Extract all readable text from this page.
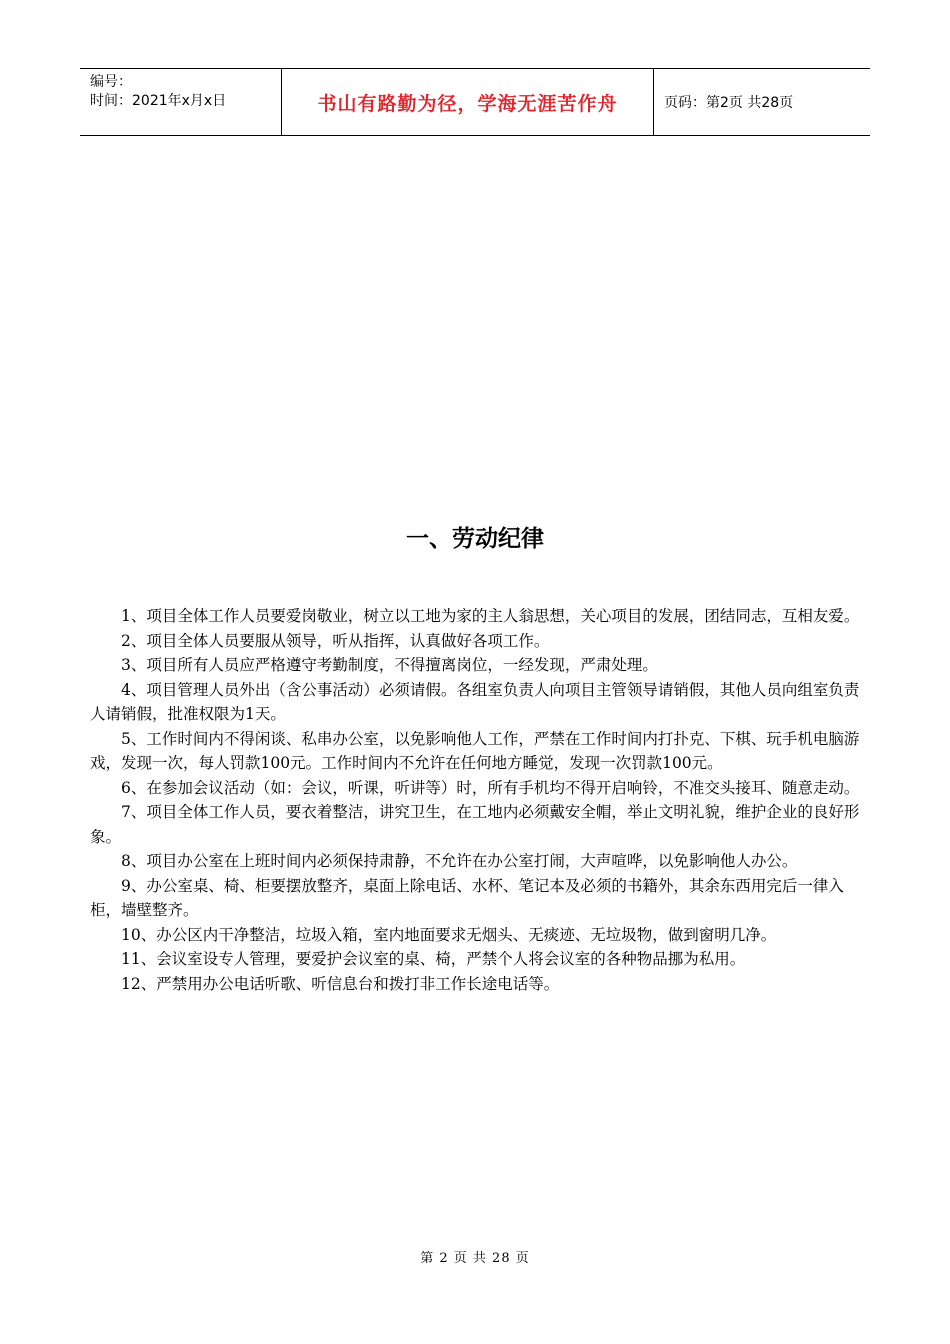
编号：
时间：2021年x月x日	书山有路勤为径，学海无涯苦作舟	页码：第2页 共28页
一、劳动纪律

1、项目全体工作人员要爱岗敬业，树立以工地为家的主人翁思想，关心项目的发展，团结同志，互相友爱。

2、项目全体人员要服从领导，听从指挥，认真做好各项工作。

3、项目所有人员应严格遵守考勤制度，不得擅离岗位，一经发现，严肃处理。

4、项目管理人员外出（含公事活动）必须请假。各组室负责人向项目主管领导请销假，其他人员向组室负责人请销假，批准权限为1天。

5、工作时间内不得闲谈、私串办公室，以免影响他人工作，严禁在工作时间内打扑克、下棋、玩手机电脑游戏，发现一次，每人罚款100元。工作时间内不允许在任何地方睡觉，发现一次罚款100元。

6、在参加会议活动（如：会议，听课，听讲等）时，所有手机均不得开启响铃，不准交头接耳、随意走动。

7、项目全体工作人员，要衣着整洁，讲究卫生，在工地内必须戴安全帽，举止文明礼貌，维护企业的良好形象。

8、项目办公室在上班时间内必须保持肃静，不允许在办公室打闹，大声喧哗，以免影响他人办公。

9、办公室桌、椅、柜要摆放整齐，桌面上除电话、水杯、笔记本及必须的书籍外，其余东西用完后一律入柜，墙壁整齐。

10、办公区内干净整洁，垃圾入箱，室内地面要求无烟头、无痰迹、无垃圾物，做到窗明几净。

11、会议室设专人管理，要爱护会议室的桌、椅，严禁个人将会议室的各种物品挪为私用。

12、严禁用办公电话听歌、听信息台和拨打非工作长途电话等。

第 2 页 共 28 页
